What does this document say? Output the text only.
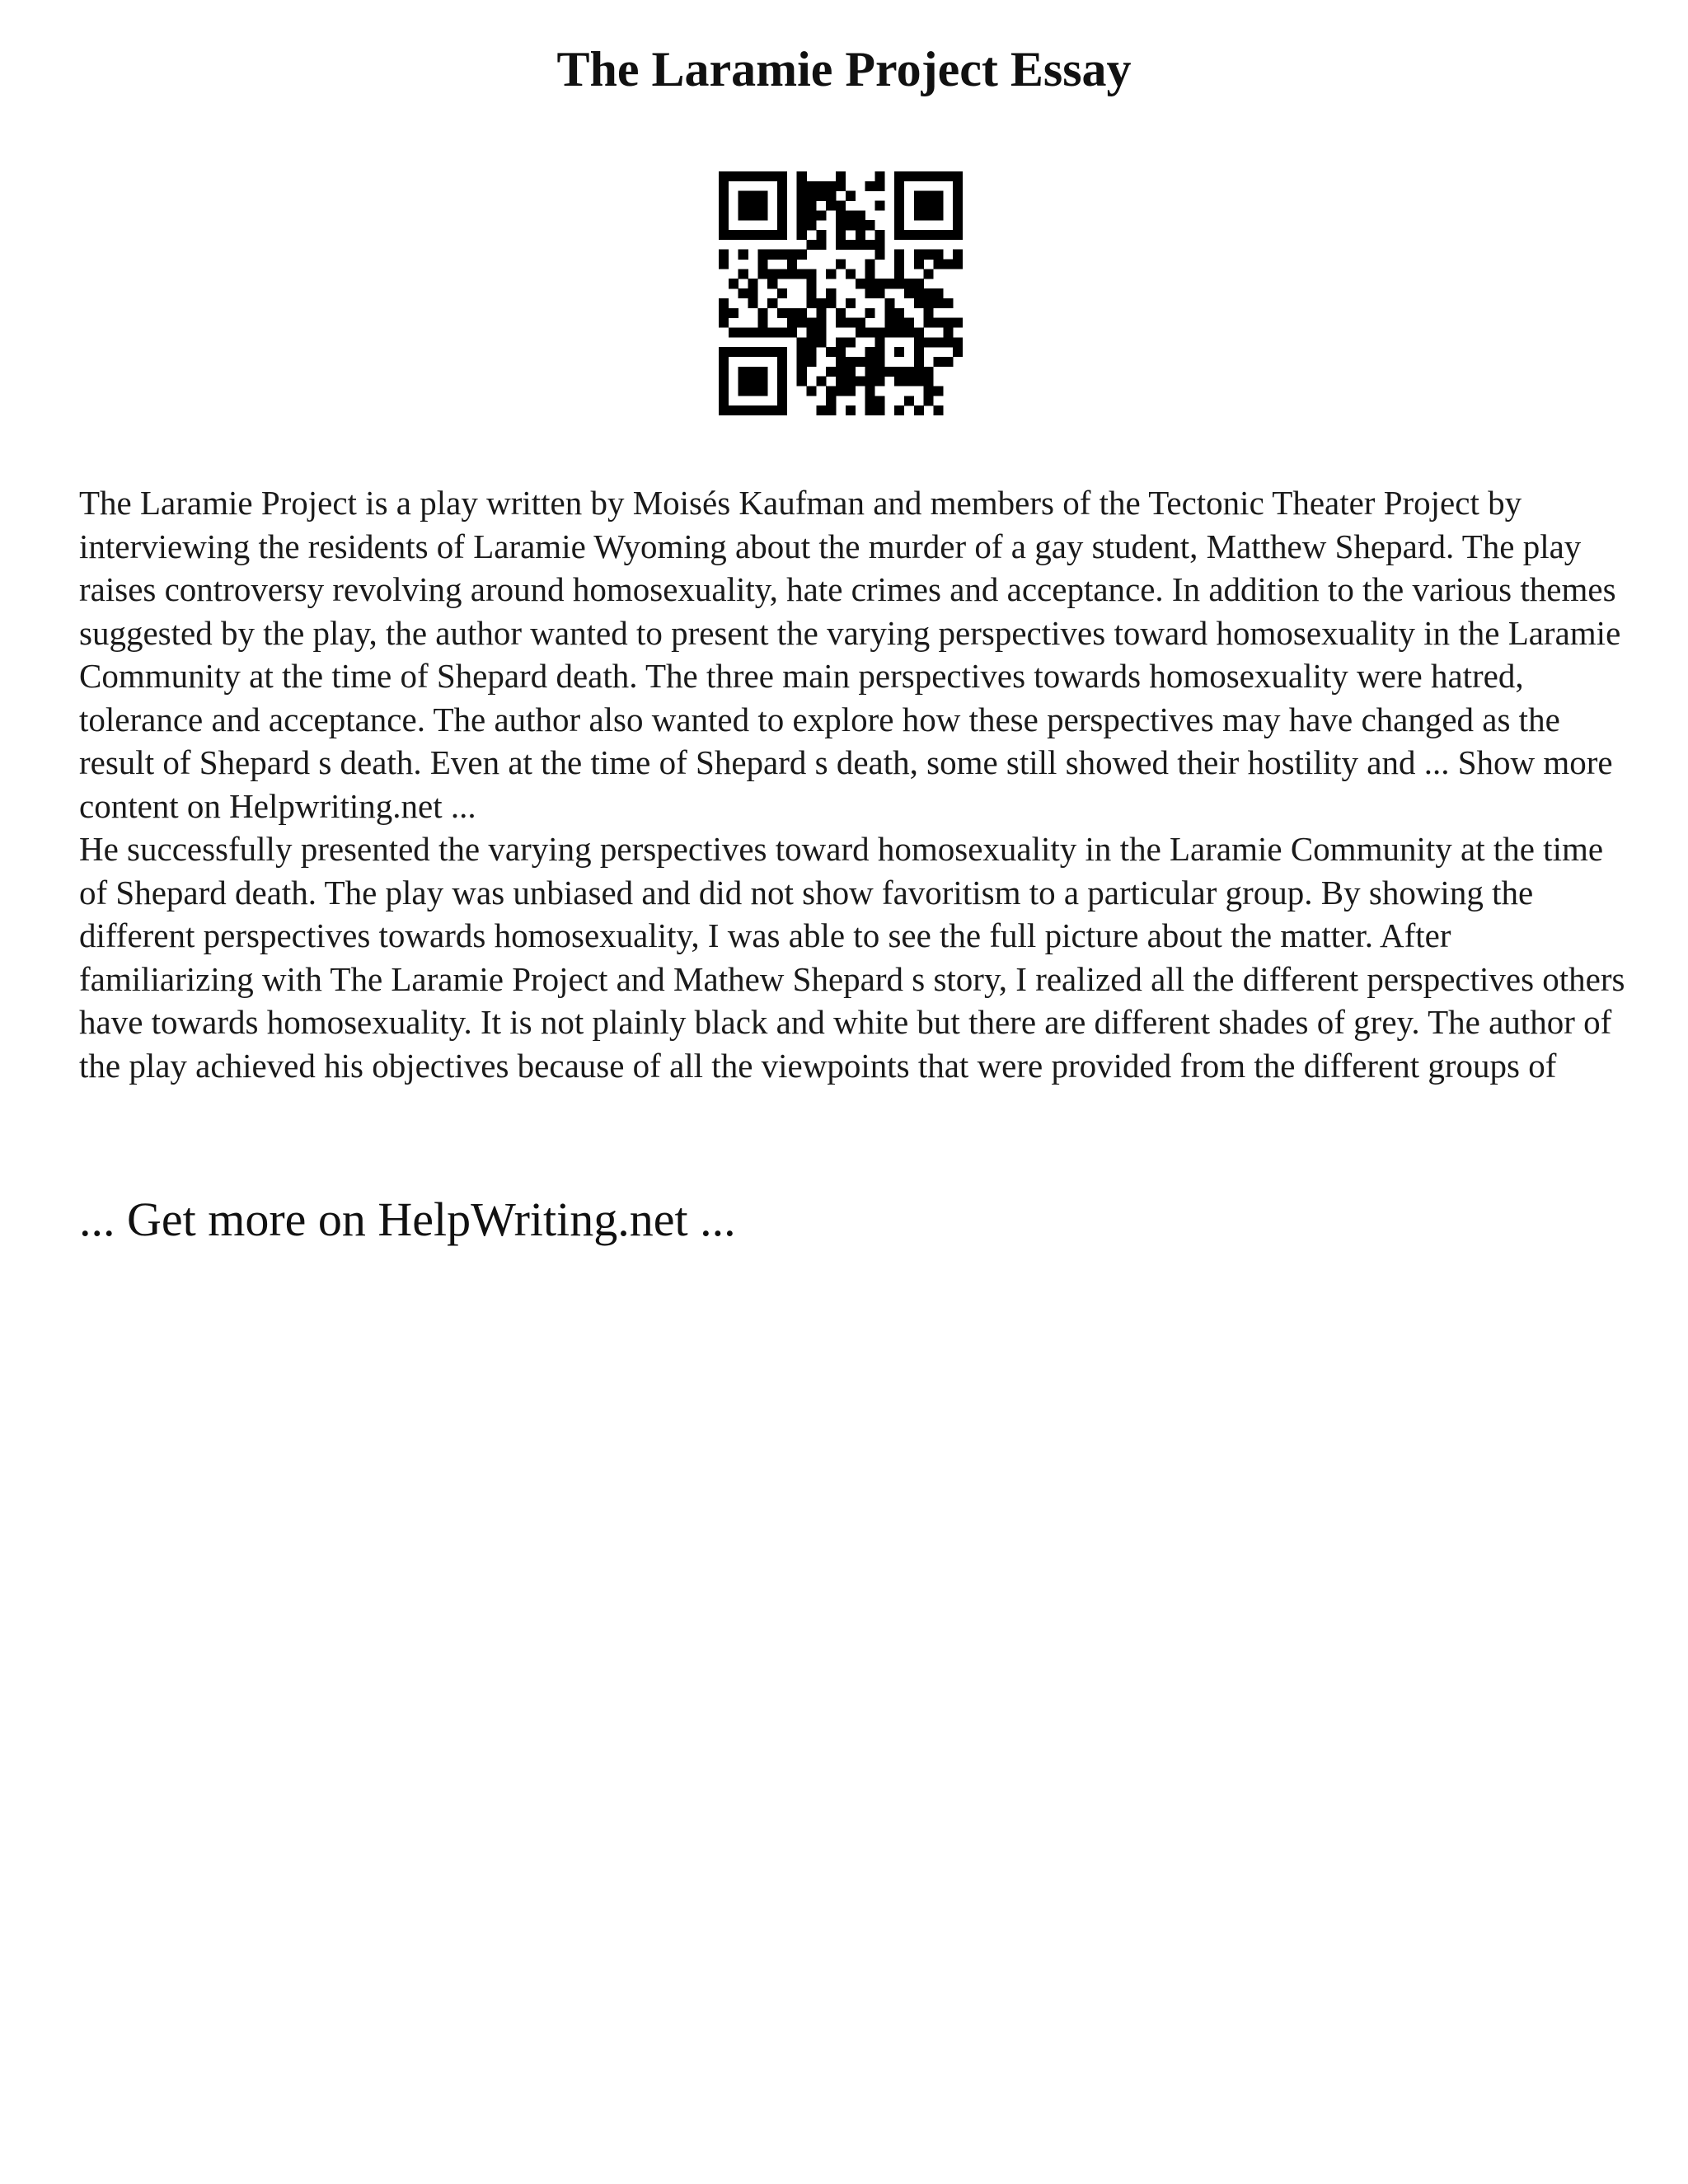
The Laramie Project Essay

The Laramie Project is a play written by Moisés Kaufman and members of the Tectonic Theater Project by interviewing the residents of Laramie Wyoming about the murder of a gay student, Matthew Shepard. The play raises controversy revolving around homosexuality, hate crimes and acceptance. In addition to the various themes suggested by the play, the author wanted to present the varying perspectives toward homosexuality in the Laramie Community at the time of Shepard death. The three main perspectives towards homosexuality were hatred, tolerance and acceptance. The author also wanted to explore how these perspectives may have changed as the result of Shepard s death. Even at the time of Shepard s death, some still showed their hostility and ... Show more content on Helpwriting.net ...

He successfully presented the varying perspectives toward homosexuality in the Laramie Community at the time of Shepard death. The play was unbiased and did not show favoritism to a particular group. By showing the different perspectives towards homosexuality, I was able to see the full picture about the matter. After familiarizing with The Laramie Project and Mathew Shepard s story, I realized all the different perspectives others have towards homosexuality. It is not plainly black and white but there are different shades of grey. The author of the play achieved his objectives because of all the viewpoints that were provided from the different groups of

... Get more on HelpWriting.net ...
